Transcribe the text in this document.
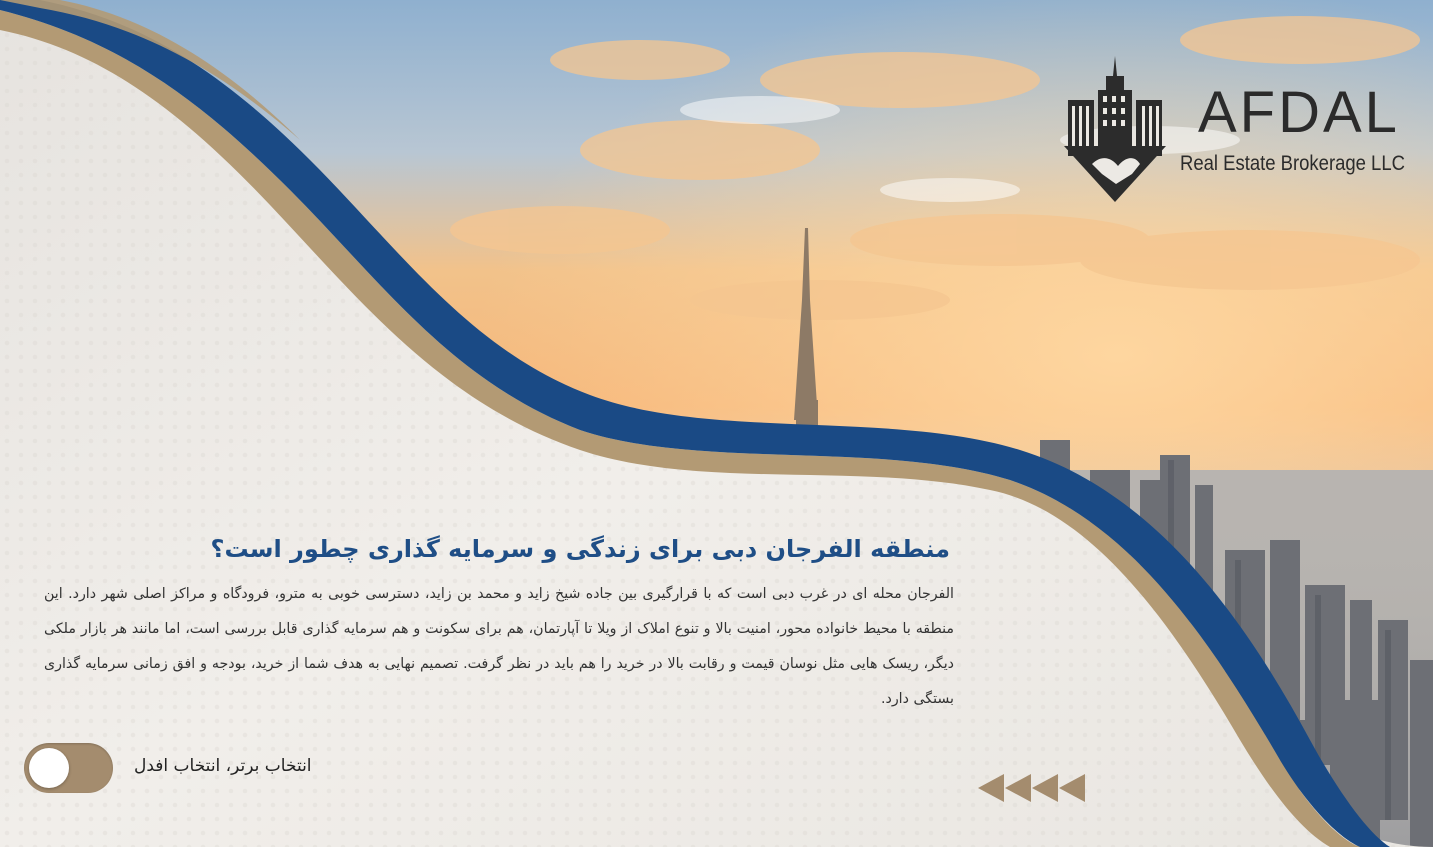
AFDAL
Real Estate Brokerage LLC
منطقه الفرجان دبی برای زندگی و سرمایه گذاری چطور است؟

الفرجان محله ای در غرب دبی است که با قرارگیری بین جاده شیخ زاید و محمد بن زاید، دسترسی خوبی به مترو، فرودگاه و مراکز اصلی شهر دارد. این منطقه با محیط خانواده محور، امنیت بالا و تنوع املاک از ویلا تا آپارتمان، هم برای سکونت و هم سرمایه گذاری قابل بررسی است، اما مانند هر بازار ملکی دیگر، ریسک هایی مثل نوسان قیمت و رقابت بالا در خرید را هم باید در نظر گرفت. تصمیم نهایی به هدف شما از خرید، بودجه و افق زمانی سرمایه گذاری بستگی دارد.

انتخاب برتر، انتخاب افدل
